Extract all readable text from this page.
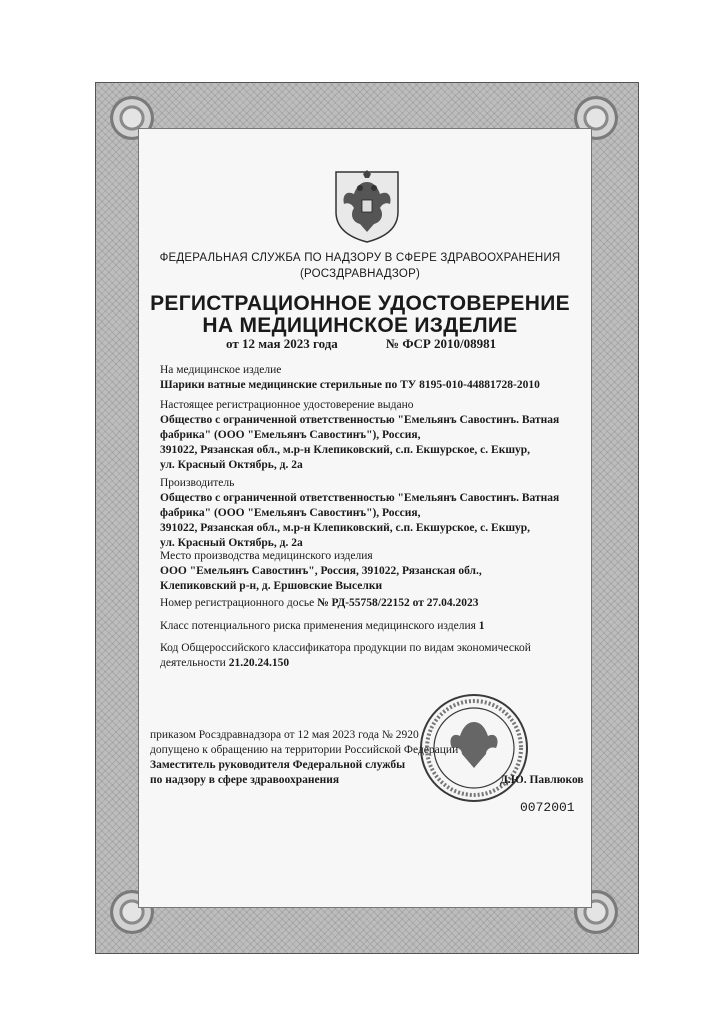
ФЕДЕРАЛЬНАЯ СЛУЖБА ПО НАДЗОРУ В СФЕРЕ ЗДРАВООХРАНЕНИЯ
(РОСЗДРАВНАДЗОР)
РЕГИСТРАЦИОННОЕ УДОСТОВЕРЕНИЕ
НА МЕДИЦИНСКОЕ ИЗДЕЛИЕ
от 12 мая 2023 года	№ ФСР 2010/08981
На медицинское изделие
Шарики ватные медицинские стерильные по ТУ 8195-010-44881728-2010
Настоящее регистрационное удостоверение выдано
Общество с ограниченной ответственностью "Емельянъ Савостинъ. Ватная
фабрика" (ООО "Емельянъ Савостинъ"), Россия,
391022, Рязанская обл., м.р-н Клепиковский, с.п. Екшурское, с. Екшур,
ул. Красный Октябрь, д. 2а
Производитель
Общество с ограниченной ответственностью "Емельянъ Савостинъ. Ватная
фабрика" (ООО "Емельянъ Савостинъ"), Россия,
391022, Рязанская обл., м.р-н Клепиковский, с.п. Екшурское, с. Екшур,
ул. Красный Октябрь, д. 2а
Место производства медицинского изделия
ООО "Емельянъ Савостинъ", Россия, 391022, Рязанская обл.,
Клепиковский р-н, д. Ершовские Выселки
Номер регистрационного досье № РД-55758/22152 от 27.04.2023
Класс потенциального риска применения медицинского изделия 1
Код Общероссийского классификатора продукции по видам экономической
деятельности 21.20.24.150
приказом Росздравнадзора от 12 мая 2023 года № 2920
допущено к обращению на территории Российской Федерации
Заместитель руководителя Федеральной службы
по надзору в сфере здравоохранения	Д.Ю. Павлюков
0072001
